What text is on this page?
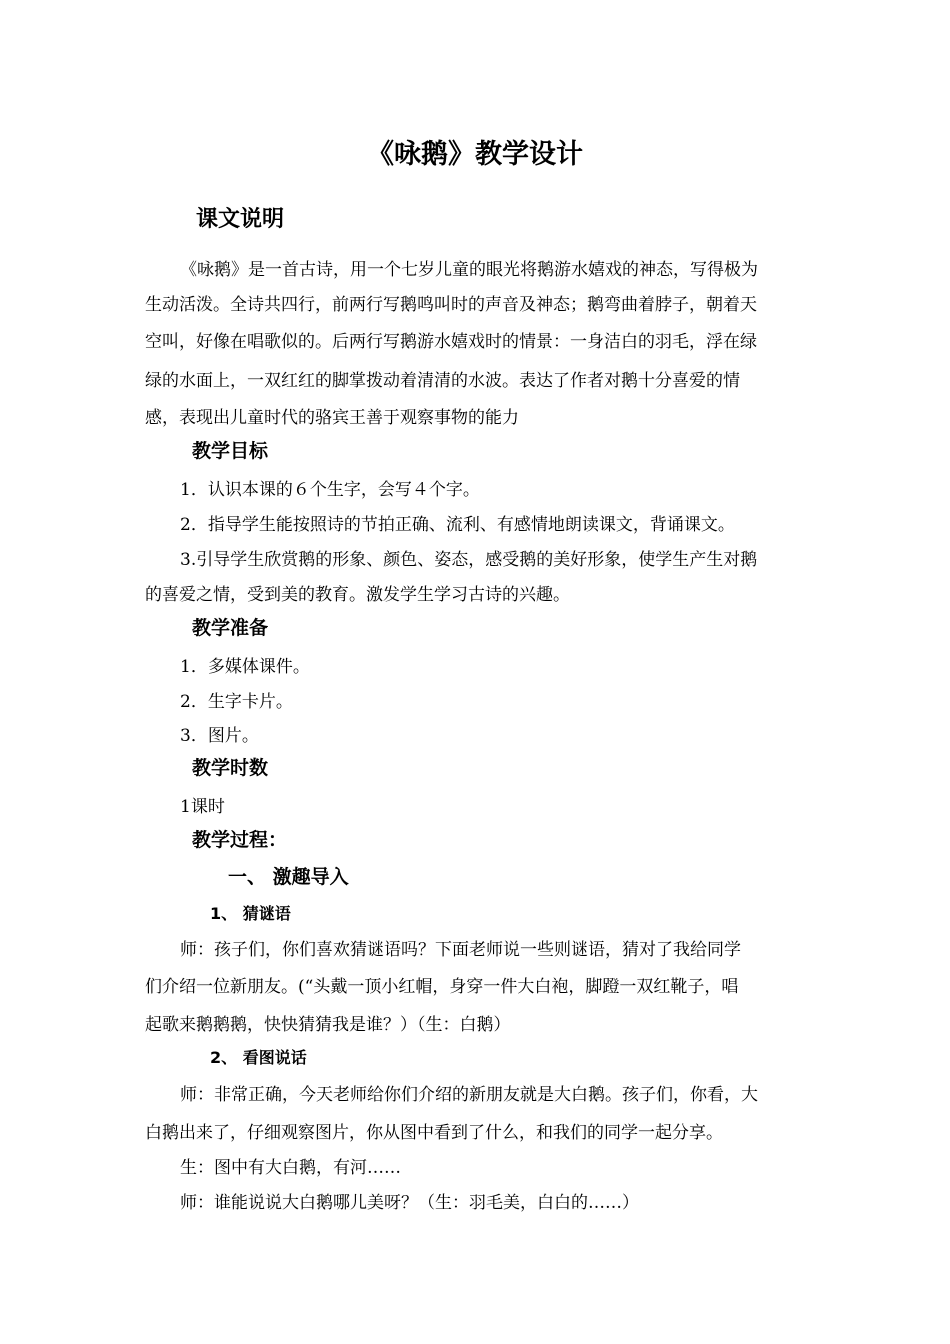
《咏鹅》教学设计
课文说明
《咏鹅》是一首古诗，用一个七岁儿童的眼光将鹅游水嬉戏的神态，写得极为
生动活泼。全诗共四行，前两行写鹅鸣叫时的声音及神态；鹅弯曲着脖子，朝着天
空叫，好像在唱歌似的。后两行写鹅游水嬉戏时的情景：一身洁白的羽毛，浮在绿
绿的水面上，一双红红的脚掌拨动着清清的水波。表达了作者对鹅十分喜爱的情
感，表现出儿童时代的骆宾王善于观察事物的能力
教学目标
1．认识本课的６个生字，会写４个字。
2．指导学生能按照诗的节拍正确、流利、有感情地朗读课文，背诵课文。
3.引导学生欣赏鹅的形象、颜色、姿态，感受鹅的美好形象，使学生产生对鹅
的喜爱之情，受到美的教育。激发学生学习古诗的兴趣。
教学准备
1．多媒体课件。
2．生字卡片。
3．图片。
教学时数
1课时
教学过程：
一、 激趣导入
1、 猜谜语
师：孩子们，你们喜欢猜谜语吗？下面老师说一些则谜语，猜对了我给同学
们介绍一位新朋友。(“头戴一顶小红帽，身穿一件大白袍，脚蹬一双红靴子，唱
起歌来鹅鹅鹅，快快猜猜我是谁？）（生：白鹅）
2、 看图说话
师：非常正确，今天老师给你们介绍的新朋友就是大白鹅。孩子们，你看，大
白鹅出来了，仔细观察图片，你从图中看到了什么，和我们的同学一起分享。
生：图中有大白鹅，有河……
师：谁能说说大白鹅哪儿美呀？（生：羽毛美，白白的……）
